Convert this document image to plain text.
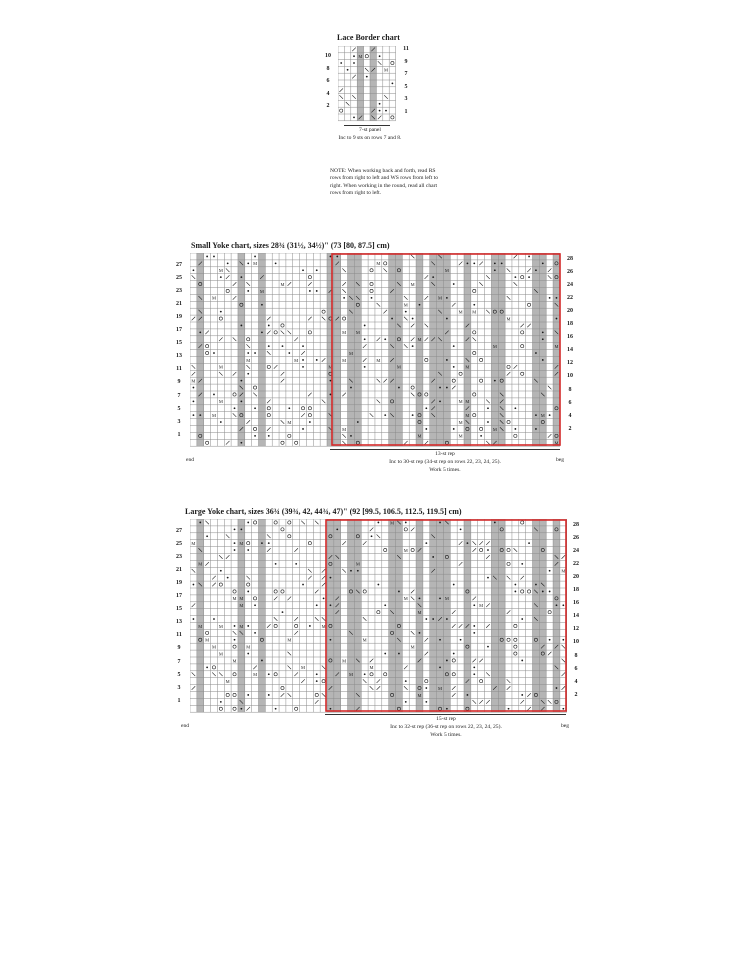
Lace Border chart
M
M
10
8
6
4
2
11
9
7
5
3
1
7-st panel
Inc to 9 sts on rows 7 and 8.
NOTE: When working back and forth, read RS rows from right to left and WS rows from left to right. When working in the round, read all chart rows from right to left.
Small Yoke chart, sizes 28¾ (31½, 34½)" (73 [80, 87.5] cm)
M	M
M	M
M	M
M
M	M
M
M M
M
M M
M
M	M
M
M	M	M	M
M	M	M	M
M
M	M M
M	M	M
M	M
M	M
M	M
M
27
25
23
21
19
17
15
13
11
9
7
5
3
1
28
26
24
22
20
18
16
14
12
10
8
6
4
2
end	beg
13-st rep
Inc to 30-st rep (34-st rep on rows 22, 23, 24, 25).
Work 5 times.
Large Yoke chart, sizes 36¾ (39¾, 42, 44¾, 47)" (92 [99.5, 106.5, 112.5, 119.5] cm)
M
M	M
M
M	M
M
M M	M	M
M	M
M
M	M	M	M
M	M	M
M	M	M
M
M	M
M	M
M	M
M
M
M
27
25
23
21
19
17
15
13
11
9
7
5
3
1
28
26
24
22
20
18
16
14
12
10
8
6
4
2
end	beg
15-st rep
Inc to 32-st rep (36-st rep on rows 22, 23, 24, 25).
Work 5 times.
